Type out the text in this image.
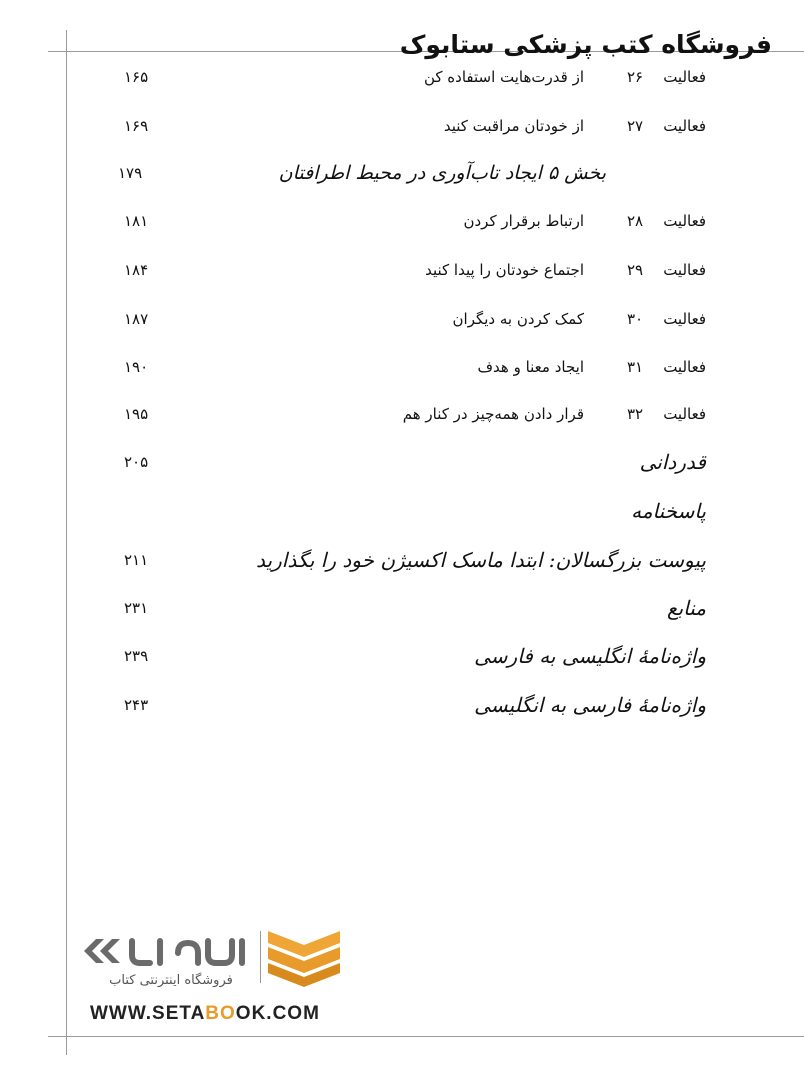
فروشگاه کتب پزشکی ستابوک
۱۶۵	از قدرت‌هایت استفاده کن	۲۶	فعالیت
۱۶۹	از خودتان مراقبت کنید	۲۷	فعالیت
۱۷۹	بخش ۵ ایجاد تاب‌آوری در محیط اطرافتان
۱۸۱	ارتباط برقرار کردن	۲۸	فعالیت
۱۸۴	اجتماع خودتان را پیدا کنید	۲۹	فعالیت
۱۸۷	کمک کردن به دیگران	۳۰	فعالیت
۱۹۰	ایجاد معنا و هدف	۳۱	فعالیت
۱۹۵	قرار دادن همه‌چیز در کنار هم	۳۲	فعالیت
۲۰۵	قدردانی
پاسخنامه
۲۱۱	پیوست بزرگسالان: ابتدا ماسک اکسیژن خود را بگذارید
۲۳۱	منابع
۲۳۹	واژه‌نامهٔ انگلیسی به فارسی
۲۴۳	واژه‌نامهٔ فارسی به انگلیسی
فروشگاه اینترنتی کتاب
WWW.SETABOOK.COM
